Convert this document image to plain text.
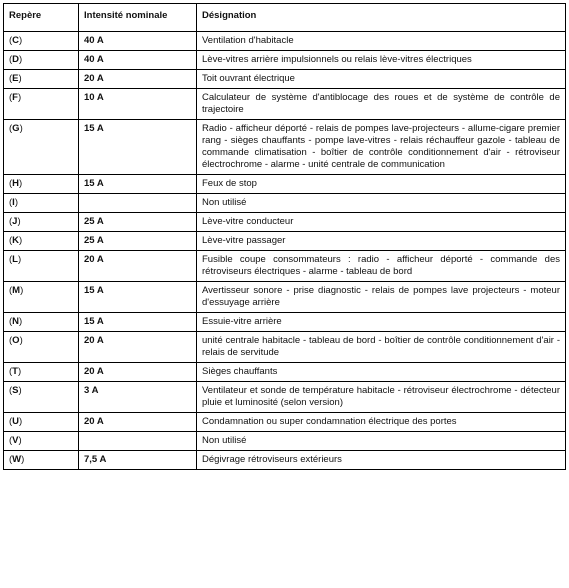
Repère	Intensité nominale	Désignation
(C)	40 A	Ventilation d'habitacle
(D)	40 A	Lève-vitres arrière impulsionnels ou relais lève-vitres électriques
(E)	20 A	Toit ouvrant électrique
(F)	10 A	Calculateur de système d'antiblocage des roues et de système de contrôle de trajectoire
(G)	15 A	Radio - afficheur déporté - relais de pompes lave-projecteurs - allume-cigare premier rang - sièges chauffants - pompe lave-vitres - relais réchauffeur gazole - tableau de commande climatisation - boîtier de contrôle conditionnement d'air - rétroviseur électrochrome - alarme - unité centrale de communication
(H)	15 A	Feux de stop
(I)		Non utilisé
(J)	25 A	Lève-vitre conducteur
(K)	25 A	Lève-vitre passager
(L)	20 A	Fusible coupe consommateurs : radio - afficheur déporté - commande des rétroviseurs électriques - alarme - tableau de bord
(M)	15 A	Avertisseur sonore - prise diagnostic - relais de pompes lave projecteurs - moteur d'essuyage arrière
(N)	15 A	Essuie-vitre arrière
(O)	20 A	unité centrale habitacle - tableau de bord - boîtier de contrôle conditionnement d'air - relais de servitude
(T)	20 A	Sièges chauffants
(S)	3 A	Ventilateur et sonde de température habitacle - rétroviseur électrochrome - détecteur pluie et luminosité (selon version)
(U)	20 A	Condamnation ou super condamnation électrique des portes
(V)		Non utilisé
(W)	7,5 A	Dégivrage rétroviseurs extérieurs
